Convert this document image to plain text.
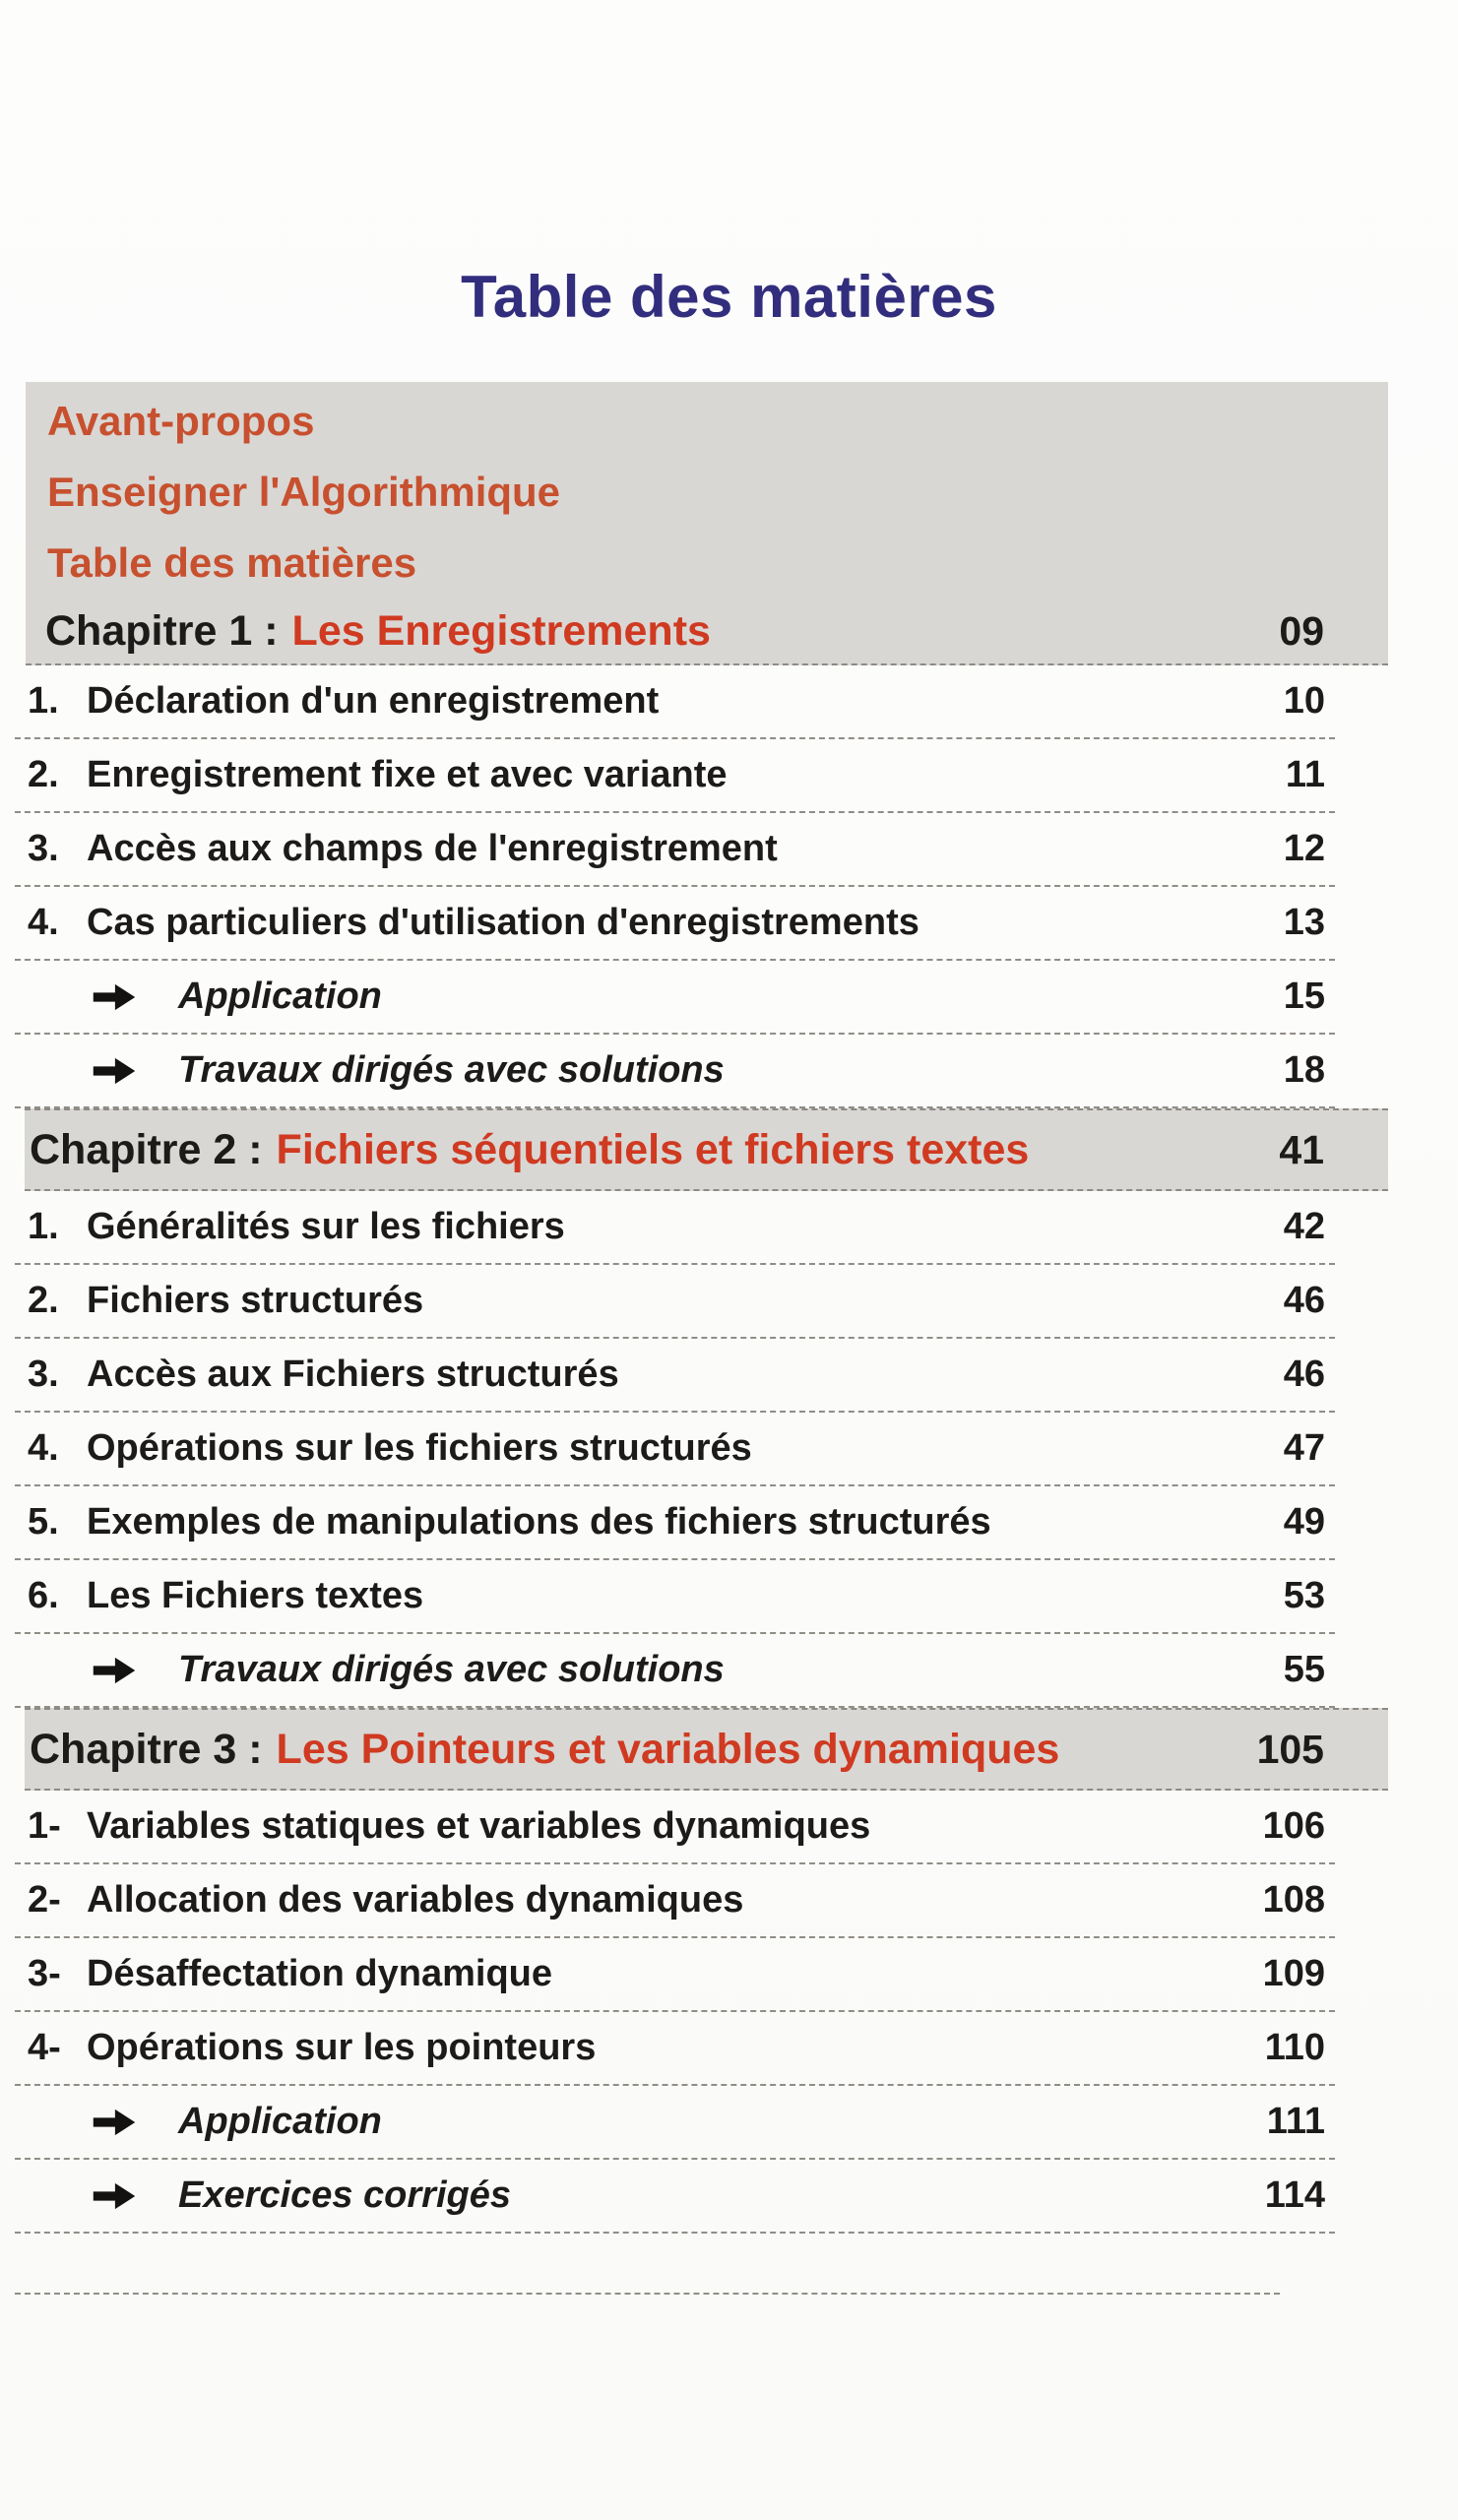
Table des matières
Avant-propos
Enseigner l'Algorithmique
Table des matières
Chapitre 1 : Les Enregistrements	09
1. Déclaration d'un enregistrement	10
2. Enregistrement fixe et avec variante	11
3. Accès aux champs de l'enregistrement	12
4. Cas particuliers d'utilisation d'enregistrements	13
Application	15
Travaux dirigés avec solutions	18
Chapitre 2 : Fichiers séquentiels et fichiers textes	41
1. Généralités sur les fichiers	42
2. Fichiers structurés	46
3. Accès aux Fichiers structurés	46
4. Opérations sur les fichiers structurés	47
5. Exemples de manipulations des fichiers structurés	49
6. Les Fichiers textes	53
Travaux dirigés avec solutions	55
Chapitre 3 : Les Pointeurs et variables dynamiques	105
1- Variables statiques et variables dynamiques	106
2- Allocation des variables dynamiques	108
3- Désaffectation dynamique	109
4- Opérations sur les pointeurs	110
Application	111
Exercices corrigés	114
